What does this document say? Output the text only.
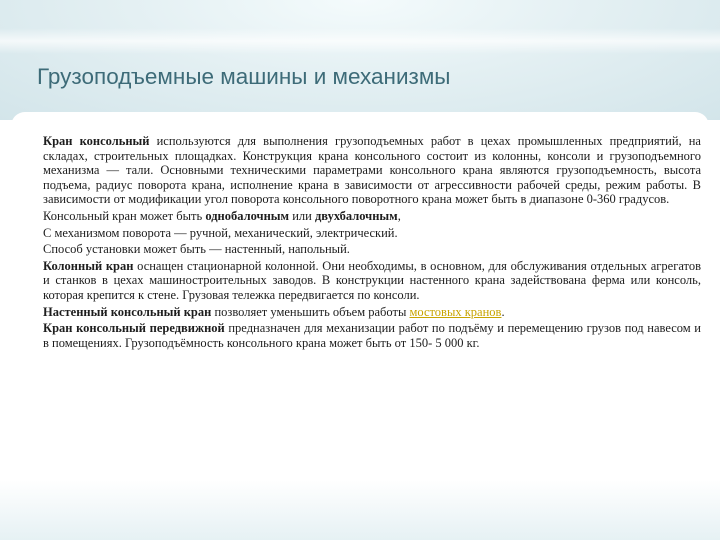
Грузоподъемные машины и механизмы

Кран консольный используются для выполнения грузоподъемных работ в цехах промышленных предприятий, на складах, строительных площадках. Конструкция крана консольного состоит из колонны, консоли и грузоподъемного механизма — тали. Основными техническими параметрами консольного крана являются грузоподъемность, высота подъема, радиус поворота крана, исполнение крана в зависимости от агрессивности рабочей среды, режим работы. В зависимости от модификации угол поворота консольного поворотного крана может быть в диапазоне 0-360 градусов.

Консольный кран может быть однобалочным или двухбалочным,

С механизмом поворота — ручной, механический, электрический.

Способ установки может быть — настенный, напольный.

Колонный кран оснащен стационарной колонной. Они необходимы, в основном, для обслуживания отдельных агрегатов и станков в цехах машиностроительных заводов. В конструкции настенного крана задействована ферма или консоль, которая крепится к стене. Грузовая тележка передвигается по консоли.

Настенный консольный кран позволяет уменьшить объем работы мостовых кранов.

Кран консольный передвижной предназначен для механизации работ по подъёму и перемещению грузов под навесом и в помещениях. Грузоподъёмность консольного крана может быть от 150- 5 000 кг.
